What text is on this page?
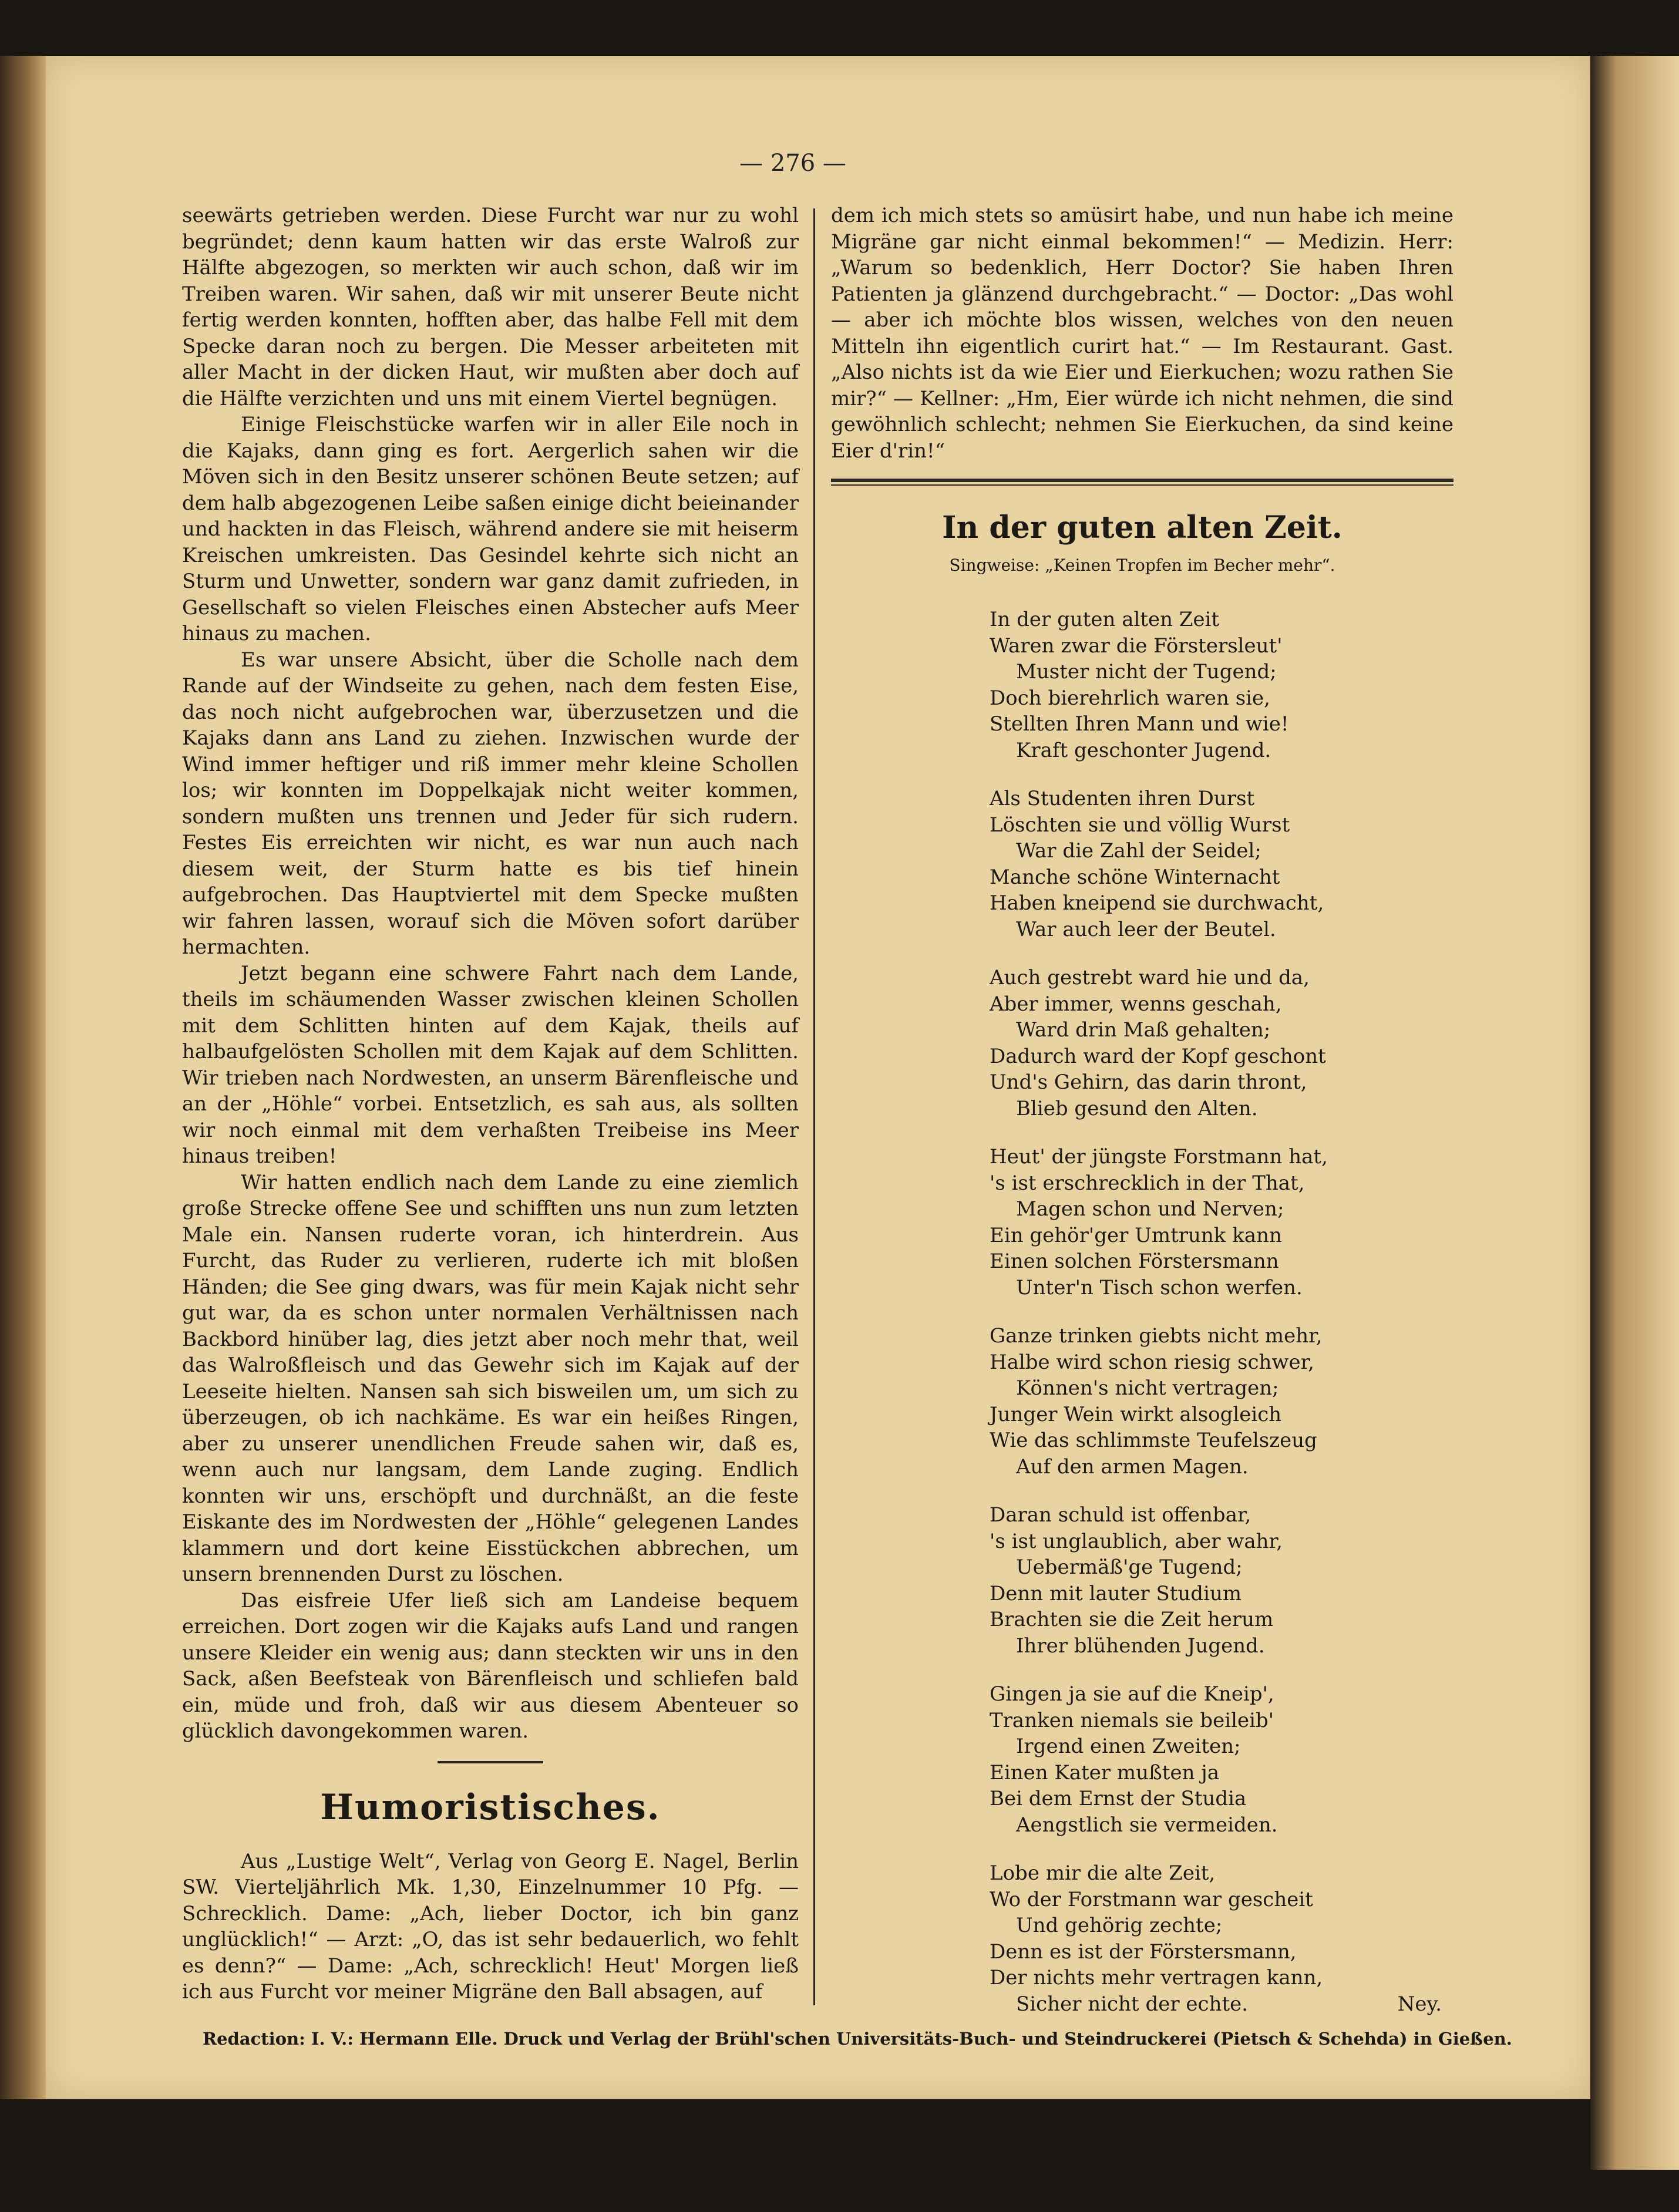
— 276 —

seewärts getrieben werden. Diese Furcht war nur zu wohl begründet; denn kaum hatten wir das erste Walroß zur Hälfte abgezogen, so merkten wir auch schon, daß wir im Treiben waren. Wir sahen, daß wir mit unserer Beute nicht fertig werden konnten, hofften aber, das halbe Fell mit dem Specke daran noch zu bergen. Die Messer arbeiteten mit aller Macht in der dicken Haut, wir mußten aber doch auf die Hälfte verzichten und uns mit einem Viertel begnügen.

Einige Fleischstücke warfen wir in aller Eile noch in die Kajaks, dann ging es fort. Aergerlich sahen wir die Möven sich in den Besitz unserer schönen Beute setzen; auf dem halb abgezogenen Leibe saßen einige dicht beieinander und hackten in das Fleisch, während andere sie mit heiserm Kreischen umkreisten. Das Gesindel kehrte sich nicht an Sturm und Unwetter, sondern war ganz damit zufrieden, in Gesellschaft so vielen Fleisches einen Abstecher aufs Meer hinaus zu machen.

Es war unsere Absicht, über die Scholle nach dem Rande auf der Windseite zu gehen, nach dem festen Eise, das noch nicht aufgebrochen war, überzusetzen und die Kajaks dann ans Land zu ziehen. Inzwischen wurde der Wind immer heftiger und riß immer mehr kleine Schollen los; wir konnten im Doppelkajak nicht weiter kommen, sondern mußten uns trennen und Jeder für sich rudern. Festes Eis erreichten wir nicht, es war nun auch nach diesem weit, der Sturm hatte es bis tief hinein aufgebrochen. Das Hauptviertel mit dem Specke mußten wir fahren lassen, worauf sich die Möven sofort darüber hermachten.

Jetzt begann eine schwere Fahrt nach dem Lande, theils im schäumenden Wasser zwischen kleinen Schollen mit dem Schlitten hinten auf dem Kajak, theils auf halbaufgelösten Schollen mit dem Kajak auf dem Schlitten. Wir trieben nach Nordwesten, an unserm Bärenfleische und an der „Höhle“ vorbei. Entsetzlich, es sah aus, als sollten wir noch einmal mit dem verhaßten Treibeise ins Meer hinaus treiben!

Wir hatten endlich nach dem Lande zu eine ziemlich große Strecke offene See und schifften uns nun zum letzten Male ein. Nansen ruderte voran, ich hinterdrein. Aus Furcht, das Ruder zu verlieren, ruderte ich mit bloßen Händen; die See ging dwars, was für mein Kajak nicht sehr gut war, da es schon unter normalen Verhältnissen nach Backbord hinüber lag, dies jetzt aber noch mehr that, weil das Walroßfleisch und das Gewehr sich im Kajak auf der Leeseite hielten. Nansen sah sich bisweilen um, um sich zu überzeugen, ob ich nachkäme. Es war ein heißes Ringen, aber zu unserer unendlichen Freude sahen wir, daß es, wenn auch nur langsam, dem Lande zuging. Endlich konnten wir uns, erschöpft und durchnäßt, an die feste Eiskante des im Nordwesten der „Höhle“ gelegenen Landes klammern und dort keine Eisstückchen abbrechen, um unsern brennenden Durst zu löschen.

Das eisfreie Ufer ließ sich am Landeise bequem erreichen. Dort zogen wir die Kajaks aufs Land und rangen unsere Kleider ein wenig aus; dann steckten wir uns in den Sack, aßen Beefsteak von Bärenfleisch und schliefen bald ein, müde und froh, daß wir aus diesem Abenteuer so glücklich davongekommen waren.

Humoristisches.

Aus „Lustige Welt“, Verlag von Georg E. Nagel, Berlin SW. Vierteljährlich Mk. 1,30, Einzelnummer 10 Pfg. — Schrecklich. Dame: „Ach, lieber Doctor, ich bin ganz unglücklich!“ — Arzt: „O, das ist sehr bedauerlich, wo fehlt es denn?“ — Dame: „Ach, schrecklich! Heut' Morgen ließ ich aus Furcht vor meiner Migräne den Ball absagen, auf

dem ich mich stets so amüsirt habe, und nun habe ich meine Migräne gar nicht einmal bekommen!“ — Medizin. Herr: „Warum so bedenklich, Herr Doctor? Sie haben Ihren Patienten ja glänzend durchgebracht.“ — Doctor: „Das wohl — aber ich möchte blos wissen, welches von den neuen Mitteln ihn eigentlich curirt hat.“ — Im Restaurant. Gast. „Also nichts ist da wie Eier und Eierkuchen; wozu rathen Sie mir?“ — Kellner: „Hm, Eier würde ich nicht nehmen, die sind gewöhnlich schlecht; nehmen Sie Eierkuchen, da sind keine Eier d'rin!“

In der guten alten Zeit.
Singweise: „Keinen Tropfen im Becher mehr“.
In der guten alten Zeit
Waren zwar die Förstersleut'
Muster nicht der Tugend;
Doch bierehrlich waren sie,
Stellten Ihren Mann und wie!
Kraft geschonter Jugend.
Als Studenten ihren Durst
Löschten sie und völlig Wurst
War die Zahl der Seidel;
Manche schöne Winternacht
Haben kneipend sie durchwacht,
War auch leer der Beutel.
Auch gestrebt ward hie und da,
Aber immer, wenns geschah,
Ward drin Maß gehalten;
Dadurch ward der Kopf geschont
Und's Gehirn, das darin thront,
Blieb gesund den Alten.
Heut' der jüngste Forstmann hat,
's ist erschrecklich in der That,
Magen schon und Nerven;
Ein gehör'ger Umtrunk kann
Einen solchen Förstersmann
Unter'n Tisch schon werfen.
Ganze trinken giebts nicht mehr,
Halbe wird schon riesig schwer,
Können's nicht vertragen;
Junger Wein wirkt alsogleich
Wie das schlimmste Teufelszeug
Auf den armen Magen.
Daran schuld ist offenbar,
's ist unglaublich, aber wahr,
Uebermäß'ge Tugend;
Denn mit lauter Studium
Brachten sie die Zeit herum
Ihrer blühenden Jugend.
Gingen ja sie auf die Kneip',
Tranken niemals sie beileib'
Irgend einen Zweiten;
Einen Kater mußten ja
Bei dem Ernst der Studia
Aengstlich sie vermeiden.
Lobe mir die alte Zeit,
Wo der Forstmann war gescheit
Und gehörig zechte;
Denn es ist der Förstersmann,
Der nichts mehr vertragen kann,
Sicher nicht der echte.	Ney.
Redaction: I. V.: Hermann Elle. Druck und Verlag der Brühl'schen Universitäts-Buch- und Steindruckerei (Pietsch & Schehda) in Gießen.
